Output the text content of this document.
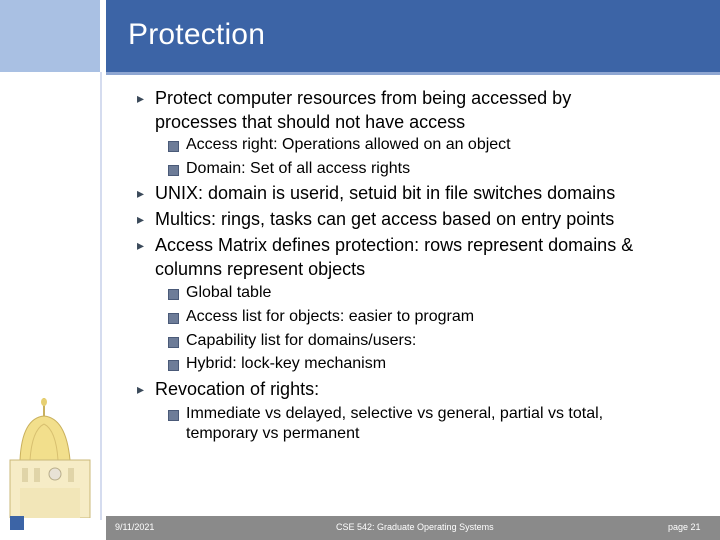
Protection
▸ Protect computer resources from being accessed by
processes that should not have access
Access right: Operations allowed on an object
Domain: Set of all access rights
▸ UNIX: domain is userid, setuid bit in file switches domains
▸ Multics: rings, tasks can get access based on entry points
▸ Access Matrix defines protection: rows represent domains &
columns represent objects
Global table
Access list for objects: easier to program
Capability list for domains/users:
Hybrid: lock-key mechanism
▸ Revocation of rights:
Immediate vs delayed, selective vs general, partial vs total,
temporary vs permanent
9/11/2021	CSE 542: Graduate Operating Systems	page 21
